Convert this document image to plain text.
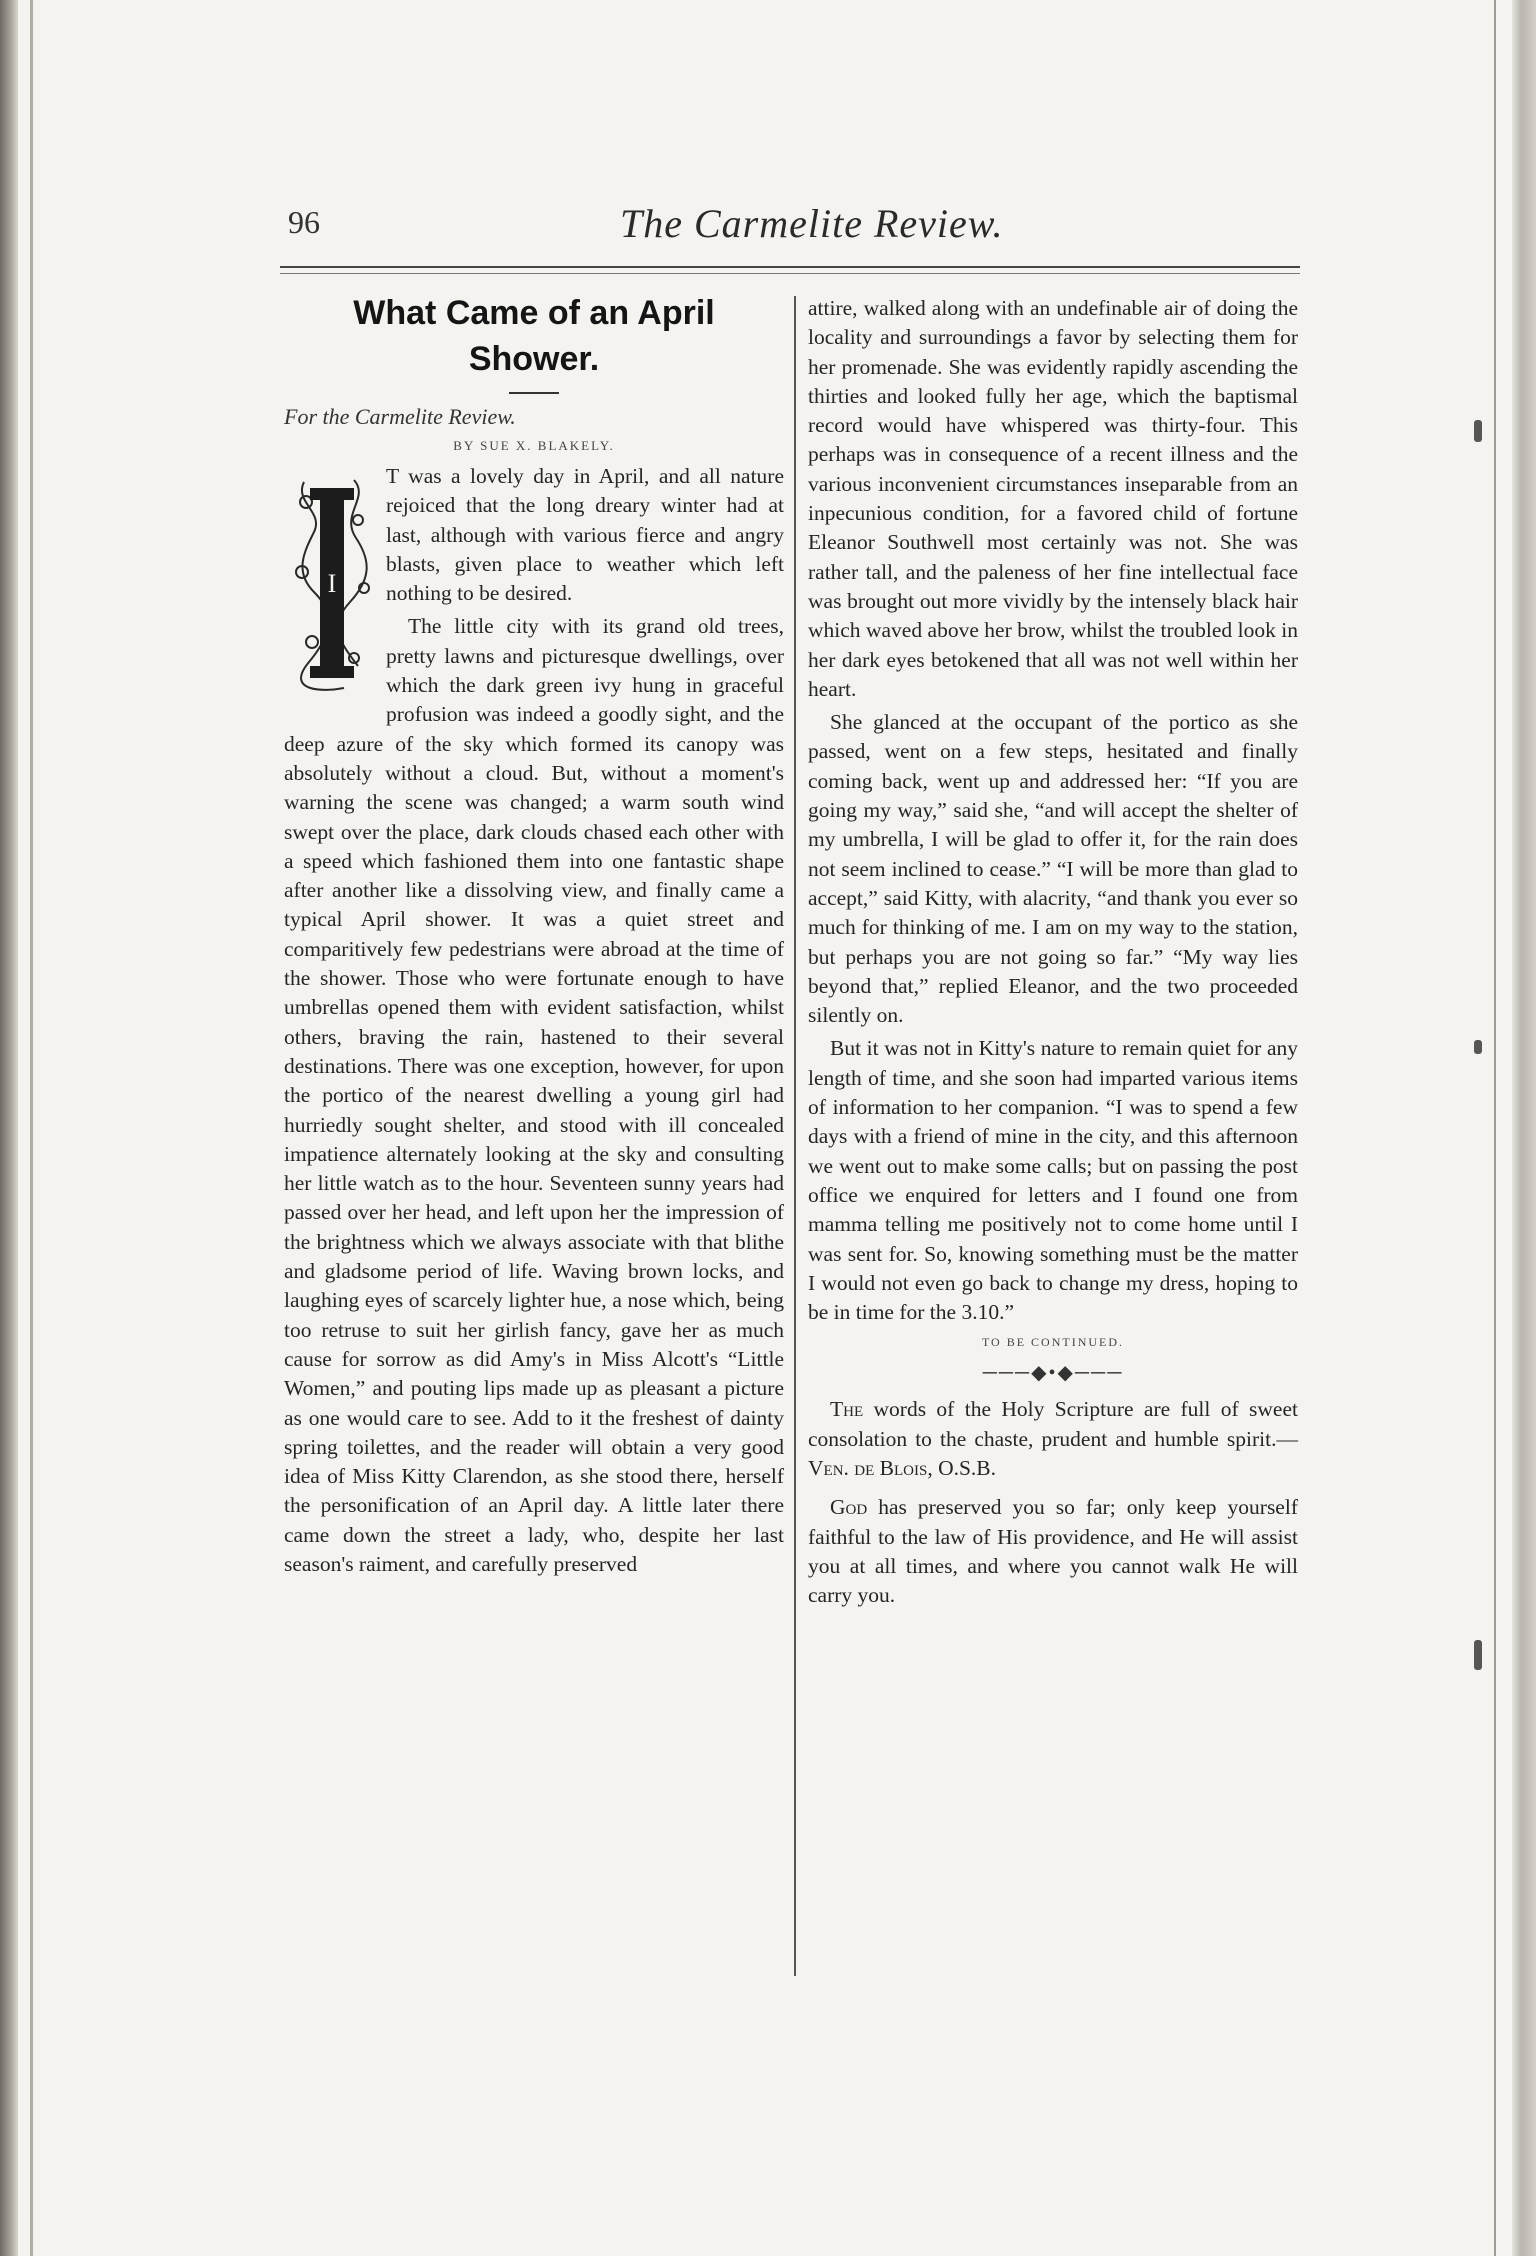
96	The Carmelite Review.
What Came of an April Shower.
For the Carmelite Review.
BY SUE X. BLAKELY.
I

T was a lovely day in April, and all nature rejoiced that the long dreary winter had at last, although with various fierce and angry blasts, given place to weather which left nothing to be desired.

The little city with its grand old trees, pretty lawns and picturesque dwellings, over which the dark green ivy hung in graceful profusion was indeed a goodly sight, and the deep azure of the sky which formed its canopy was absolutely without a cloud. But, without a moment's warning the scene was changed; a warm south wind swept over the place, dark clouds chased each other with a speed which fashioned them into one fantastic shape after another like a dissolving view, and finally came a typical April shower. It was a quiet street and comparitively few pedestrians were abroad at the time of the shower. Those who were fortunate enough to have umbrellas opened them with evident satisfaction, whilst others, braving the rain, hastened to their several destinations. There was one exception, however, for upon the portico of the nearest dwelling a young girl had hurriedly sought shelter, and stood with ill concealed impatience alternately looking at the sky and consulting her little watch as to the hour. Seventeen sunny years had passed over her head, and left upon her the impression of the brightness which we always associate with that blithe and gladsome period of life. Waving brown locks, and laughing eyes of scarcely lighter hue, a nose which, being too retruse to suit her girlish fancy, gave her as much cause for sorrow as did Amy's in Miss Alcott's “Little Women,” and pouting lips made up as pleasant a picture as one would care to see. Add to it the freshest of dainty spring toilettes, and the reader will obtain a very good idea of Miss Kitty Clarendon, as she stood there, herself the personification of an April day. A little later there came down the street a lady, who, despite her last season's raiment, and carefully preserved

attire, walked along with an undefinable air of doing the locality and surroundings a favor by selecting them for her promenade. She was evidently rapidly ascending the thirties and looked fully her age, which the baptismal record would have whispered was thirty-four. This perhaps was in consequence of a recent illness and the various inconvenient circumstances inseparable from an inpecunious condition, for a favored child of fortune Eleanor Southwell most certainly was not. She was rather tall, and the paleness of her fine intellectual face was brought out more vividly by the intensely black hair which waved above her brow, whilst the troubled look in her dark eyes betokened that all was not well within her heart.

She glanced at the occupant of the portico as she passed, went on a few steps, hesitated and finally coming back, went up and addressed her: “If you are going my way,” said she, “and will accept the shelter of my umbrella, I will be glad to offer it, for the rain does not seem inclined to cease.” “I will be more than glad to accept,” said Kitty, with alacrity, “and thank you ever so much for thinking of me. I am on my way to the station, but perhaps you are not going so far.” “My way lies beyond that,” replied Eleanor, and the two proceeded silently on.

But it was not in Kitty's nature to remain quiet for any length of time, and she soon had imparted various items of information to her companion. “I was to spend a few days with a friend of mine in the city, and this afternoon we went out to make some calls; but on passing the post office we enquired for letters and I found one from mamma telling me positively not to come home until I was sent for. So, knowing something must be the matter I would not even go back to change my dress, hoping to be in time for the 3.10.”

TO BE CONTINUED.
───◆•◆───

The words of the Holy Scripture are full of sweet consolation to the chaste, prudent and humble spirit.—Ven. de Blois, O.S.B.

God has preserved you so far; only keep yourself faithful to the law of His providence, and He will assist you at all times, and where you cannot walk He will carry you.
